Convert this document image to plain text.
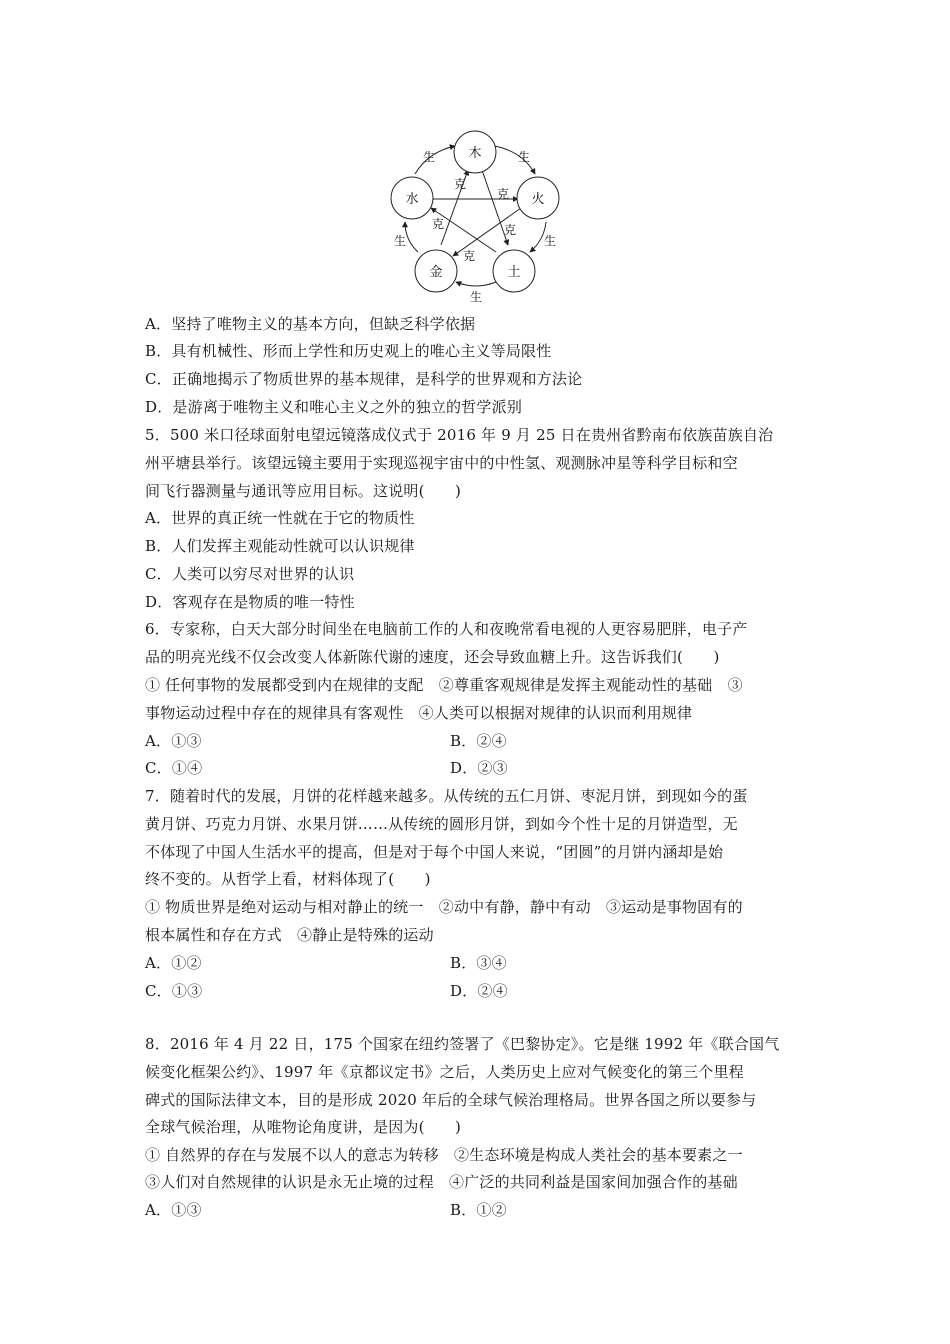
木
火
土
金
水
生	生
生
生
生
克
克
克	克
克
A．坚持了唯物主义的基本方向，但缺乏科学依据
B．具有机械性、形而上学性和历史观上的唯心主义等局限性
C．正确地揭示了物质世界的基本规律，是科学的世界观和方法论
D．是游离于唯物主义和唯心主义之外的独立的哲学派别
5．500 米口径球面射电望远镜落成仪式于 2016 年 9 月 25 日在贵州省黔南布依族苗族自治
州平塘县举行。该望远镜主要用于实现巡视宇宙中的中性氢、观测脉冲星等科学目标和空
间飞行器测量与通讯等应用目标。这说明(　　)
A．世界的真正统一性就在于它的物质性
B．人们发挥主观能动性就可以认识规律
C．人类可以穷尽对世界的认识
D．客观存在是物质的唯一特性
6．专家称，白天大部分时间坐在电脑前工作的人和夜晚常看电视的人更容易肥胖，电子产
品的明亮光线不仅会改变人体新陈代谢的速度，还会导致血糖上升。这告诉我们(　　)
① 任何事物的发展都受到内在规律的支配　②尊重客观规律是发挥主观能动性的基础　③
事物运动过程中存在的规律具有客观性　④人类可以根据对规律的认识而利用规律
A．①③	B．②④
C．①④	D．②③
7．随着时代的发展，月饼的花样越来越多。从传统的五仁月饼、枣泥月饼，到现如今的蛋
黄月饼、巧克力月饼、水果月饼……从传统的圆形月饼，到如今个性十足的月饼造型，无
不体现了中国人生活水平的提高，但是对于每个中国人来说，“团圆”的月饼内涵却是始
终不变的。从哲学上看，材料体现了(　　)
① 物质世界是绝对运动与相对静止的统一　②动中有静，静中有动　③运动是事物固有的
根本属性和存在方式　④静止是特殊的运动
A．①②	B．③④
C．①③	D．②④
8．2016 年 4 月 22 日，175 个国家在纽约签署了《巴黎协定》。它是继 1992 年《联合国气
候变化框架公约》、1997 年《京都议定书》之后，人类历史上应对气候变化的第三个里程
碑式的国际法律文本，目的是形成 2020 年后的全球气候治理格局。世界各国之所以要参与
全球气候治理，从唯物论角度讲，是因为(　　)
① 自然界的存在与发展不以人的意志为转移　②生态环境是构成人类社会的基本要素之一
③人们对自然规律的认识是永无止境的过程　④广泛的共同利益是国家间加强合作的基础
A．①③	B．①②
